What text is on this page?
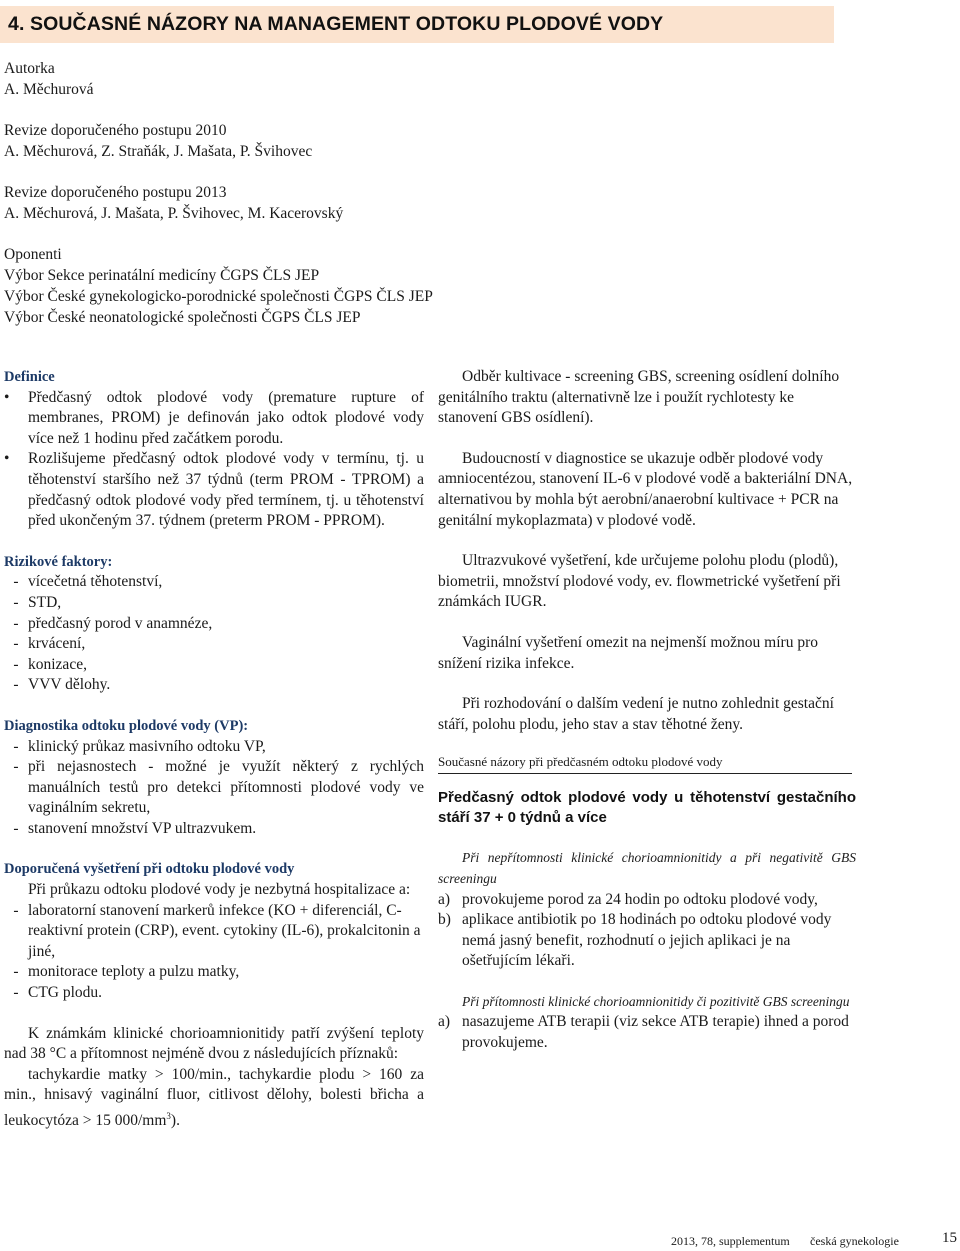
4. SOUČASNÉ NÁZORY NA MANAGEMENT ODTOKU PLODOVÉ VODY
Autorka
A. Měchurová
Revize doporučeného postupu 2010
A. Měchurová, Z. Straňák, J. Mašata, P. Švihovec
Revize doporučeného postupu 2013
A. Měchurová, J. Mašata, P. Švihovec, M. Kacerovský
Oponenti
Výbor Sekce perinatální medicíny ČGPS ČLS JEP
Výbor České gynekologicko-porodnické společnosti ČGPS ČLS JEP
Výbor České neonatologické společnosti ČGPS ČLS JEP
Definice
•	Předčasný odtok plodové vody (premature rupture of membranes, PROM) je definován jako odtok plodové vody více než 1 hodinu před začátkem porodu.
•	Rozlišujeme předčasný odtok plodové vody v termínu, tj. u těhotenství staršího než 37 týdnů (term PROM - TPROM) a předčasný odtok plodové vody před termínem, tj. u těhotenství před ukončeným 37. týdnem (preterm PROM - PPROM).
Rizikové faktory:
- vícečetná těhotenství,
- STD,
- předčasný porod v anamnéze,
- krvácení,
- konizace,
- VVV dělohy.
Diagnostika odtoku plodové vody (VP):
- klinický průkaz masivního odtoku VP,
- při nejasnostech - možné je využít některý z rychlých manuálních testů pro detekci přítomnosti plodové vody ve vaginálním sekretu,
- stanovení množství VP ultrazvukem.
Doporučená vyšetření při odtoku plodové vody

Při průkazu odtoku plodové vody je nezbytná hospitalizace a:

- laboratorní stanovení markerů infekce (KO + diferenciál, C-reaktivní protein (CRP), event. cytokiny (IL-6), prokalcitonin a jiné,
- monitorace teploty a pulzu matky,
- CTG plodu.

K známkám klinické chorioamnionitidy patří zvýšení teploty nad 38 °C a přítomnost nejméně dvou z následujících příznaků:

tachykardie matky > 100/min., tachykardie plodu > 160 za min., hnisavý vaginální fluor, citlivost dělohy, bolesti břicha a leukocytóza > 15 $000/mm^3$).

Odběr kultivace - screening GBS, screening osídlení dolního genitálního traktu (alternativně lze i použít rychlotesty ke stanovení GBS osídlení).

Budoucností v diagnostice se ukazuje odběr plodové vody amniocentézou, stanovení IL-6 v plodové vodě a bakteriální DNA, alternativou by mohla být aerobní/anaerobní kultivace + PCR na genitální mykoplazmata) v plodové vodě.

Ultrazvukové vyšetření, kde určujeme polohu plodu (plodů), biometrii, množství plodové vody, ev. flowmetrické vyšetření při známkách IUGR.

Vaginální vyšetření omezit na nejmenší možnou míru pro snížení rizika infekce.

Při rozhodování o dalším vedení je nutno zohlednit gestační stáří, polohu plodu, jeho stav a stav těhotné ženy.

Současné názory při předčasném odtoku plodové vody
Předčasný odtok plodové vody u těhotenství gestačního stáří 37 + 0 týdnů a více

Při nepřítomnosti klinické chorioamnionitidy a při negativitě GBS screeningu

a) provokujeme porod za 24 hodin po odtoku plodové vody,
b) aplikace antibiotik po 18 hodinách po odtoku plodové vody nemá jasný benefit, rozhodnutí o jejich aplikaci je na ošetřujícím lékaři.

Při přítomnosti klinické chorioamnionitidy či pozitivitě GBS screeningu

a) nasazujeme ATB terapii (viz sekce ATB terapie) ihned a porod provokujeme.
2013, 78, supplementum česká gynekologie	15
